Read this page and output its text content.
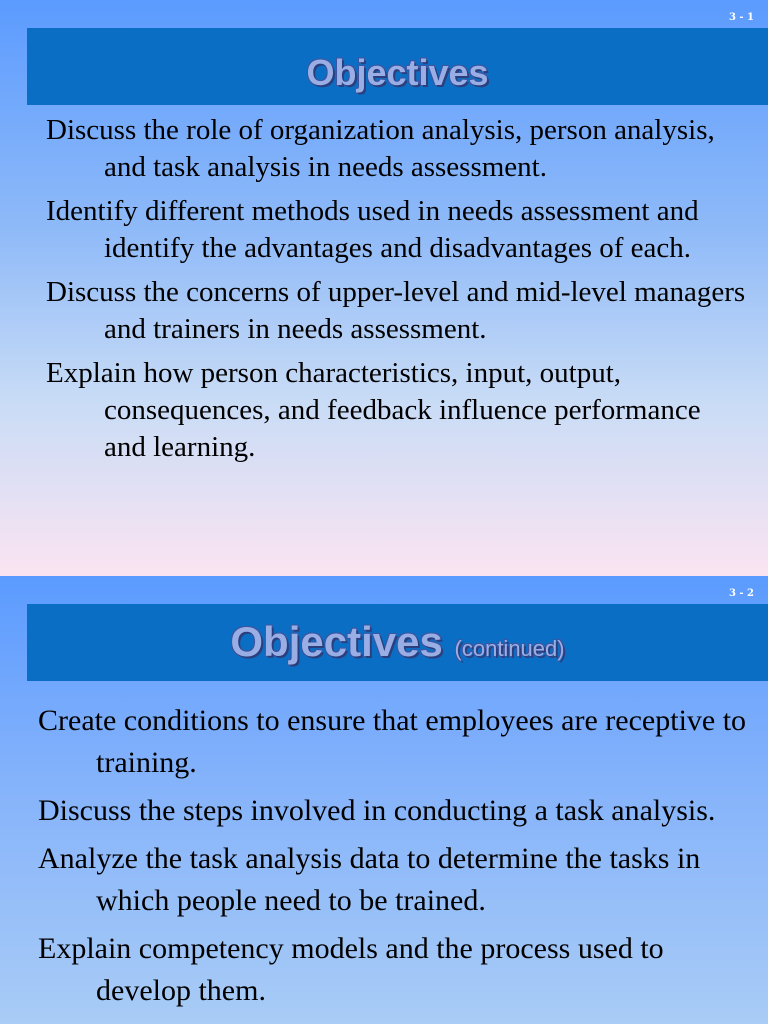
3 - 1
Objectives
Discuss the role of organization analysis, person analysis, and task analysis in needs assessment.
Identify different methods used in needs assessment and identify the advantages and disadvantages of each.
Discuss the concerns of upper-level and mid-level managers and trainers in needs assessment.
Explain how person characteristics, input, output, consequences, and feedback influence performance and learning.
3 - 2
Objectives (continued)
Create conditions to ensure that employees are receptive to training.
Discuss the steps involved in conducting a task analysis.
Analyze the task analysis data to determine the tasks in which people need to be trained.
Explain competency models and the process used to develop them.
